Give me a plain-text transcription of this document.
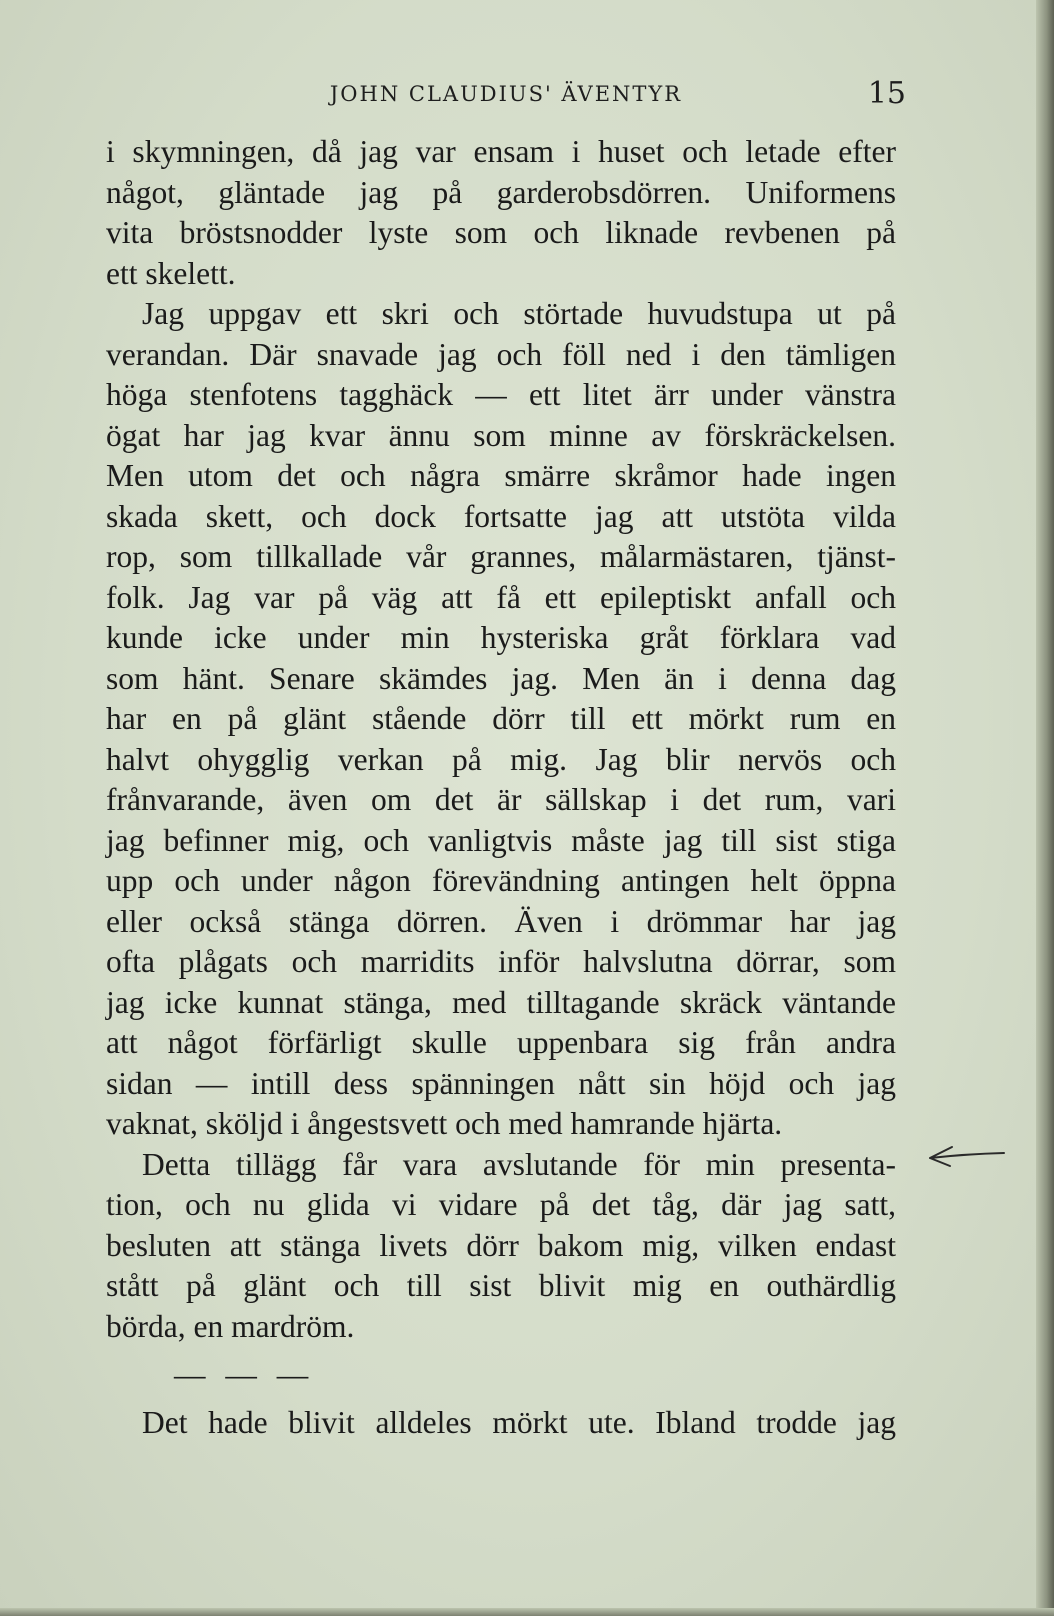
JOHN CLAUDIUS' ÄVENTYR	15
i skymningen, då jag var ensam i huset och letade efter
något, gläntade jag på garderobsdörren. Uniformens
vita bröstsnodder lyste som och liknade revbenen på
ett skelett.
Jag uppgav ett skri och störtade huvudstupa ut på
verandan. Där snavade jag och föll ned i den tämligen
höga stenfotens tagghäck — ett litet ärr under vänstra
ögat har jag kvar ännu som minne av förskräckelsen.
Men utom det och några smärre skråmor hade ingen
skada skett, och dock fortsatte jag att utstöta vilda
rop, som tillkallade vår grannes, målarmästaren, tjänst-
folk. Jag var på väg att få ett epileptiskt anfall och
kunde icke under min hysteriska gråt förklara vad
som hänt. Senare skämdes jag. Men än i denna dag
har en på glänt stående dörr till ett mörkt rum en
halvt ohygglig verkan på mig. Jag blir nervös och
frånvarande, även om det är sällskap i det rum, vari
jag befinner mig, och vanligtvis måste jag till sist stiga
upp och under någon förevändning antingen helt öppna
eller också stänga dörren. Även i drömmar har jag
ofta plågats och marridits inför halvslutna dörrar, som
jag icke kunnat stänga, med tilltagande skräck väntande
att något förfärligt skulle uppenbara sig från andra
sidan — intill dess spänningen nått sin höjd och jag
vaknat, sköljd i ångestsvett och med hamrande hjärta.
Detta tillägg får vara avslutande för min presenta-
tion, och nu glida vi vidare på det tåg, där jag satt,
besluten att stänga livets dörr bakom mig, vilken endast
stått på glänt och till sist blivit mig en outhärdlig
börda, en mardröm.
— — —
Det hade blivit alldeles mörkt ute. Ibland trodde jag
